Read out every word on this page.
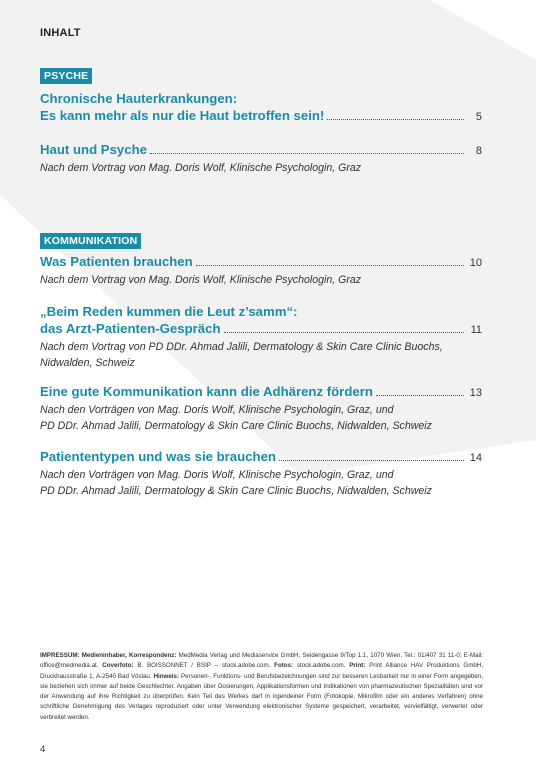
INHALT
PSYCHE
Chronische Hauterkrankungen:
Es kann mehr als nur die Haut betroffen sein!	5
Haut und Psyche	8
Nach dem Vortrag von Mag. Doris Wolf, Klinische Psychologin, Graz
KOMMUNIKATION
Was Patienten brauchen	10
Nach dem Vortrag von Mag. Doris Wolf, Klinische Psychologin, Graz
„Beim Reden kummen die Leut z’samm“:
das Arzt-Patienten-Gespräch	11
Nach dem Vortrag von PD DDr. Ahmad Jalili, Dermatology & Skin Care Clinic Buochs,
Nidwalden, Schweiz
Eine gute Kommunikation kann die Adhärenz fördern	13
Nach den Vorträgen von Mag. Doris Wolf, Klinische Psychologin, Graz, und
PD DDr. Ahmad Jalili, Dermatology & Skin Care Clinic Buochs, Nidwalden, Schweiz
Patiententypen und was sie brauchen	14
Nach den Vorträgen von Mag. Doris Wolf, Klinische Psychologin, Graz, und
PD DDr. Ahmad Jalili, Dermatology & Skin Care Clinic Buochs, Nidwalden, Schweiz
IMPRESSUM: Medieninhaber, Korrespondenz: MedMedia Verlag und Mediaservice GmbH, Seidengasse 9/Top 1.1, 1070 Wien, Tel.: 01/407 31 11-0; E-Mail: office@medmedia.at. Coverfoto: B. BOISSONNET / BSIP – stock.adobe.com. Fotos: stock.adobe.com. Print: Print Alliance HAV Produktions GmbH, Druckhausstraße 1, A-2540 Bad Vöslau. Hinweis: Personen-, Funktions- und Berufsbezeichnungen sind zur besseren Lesbarkeit nur in einer Form angegeben, sie beziehen sich immer auf beide Geschlechter. Angaben über Dosierungen, Applikationsformen und Indikationen von pharmazeutischen Spezialitäten sind vor der Anwendung auf ihre Richtigkeit zu überprüfen. Kein Teil des Werkes darf in irgendeiner Form (Fotokopie, Mikrofilm oder ein anderes Verfahren) ohne schriftliche Genehmigung des Verlages reproduziert oder unter Verwendung elektronischer Systeme gespeichert, verarbeitet, vervielfältigt, verwertet oder verbreitet werden.
4
